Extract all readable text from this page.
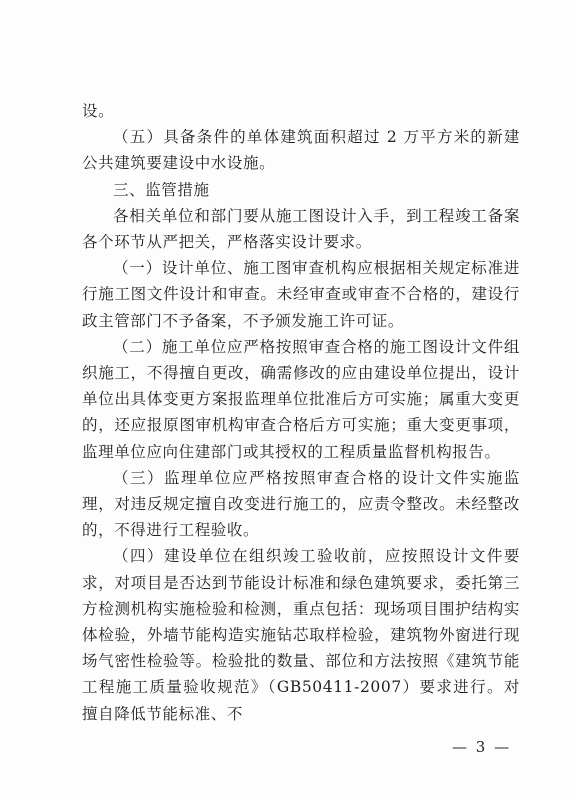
设。

（五）具备条件的单体建筑面积超过 2 万平方米的新建公共建筑要建设中水设施。

三、监管措施

各相关单位和部门要从施工图设计入手，到工程竣工备案各个环节从严把关，严格落实设计要求。

（一）设计单位、施工图审查机构应根据相关规定标准进行施工图文件设计和审查。未经审查或审查不合格的，建设行政主管部门不予备案，不予颁发施工许可证。

（二）施工单位应严格按照审查合格的施工图设计文件组织施工，不得擅自更改，确需修改的应由建设单位提出，设计单位出具体变更方案报监理单位批准后方可实施；属重大变更的，还应报原图审机构审查合格后方可实施；重大变更事项，监理单位应向住建部门或其授权的工程质量监督机构报告。

（三）监理单位应严格按照审查合格的设计文件实施监理，对违反规定擅自改变进行施工的，应责令整改。未经整改的，不得进行工程验收。

（四）建设单位在组织竣工验收前，应按照设计文件要求，对项目是否达到节能设计标准和绿色建筑要求，委托第三方检测机构实施检验和检测，重点包括：现场项目围护结构实体检验，外墙节能构造实施钻芯取样检验，建筑物外窗进行现场气密性检验等。检验批的数量、部位和方法按照《建筑节能工程施工质量验收规范》（GB50411-2007）要求进行。对擅自降低节能标准、不

— 3 —
